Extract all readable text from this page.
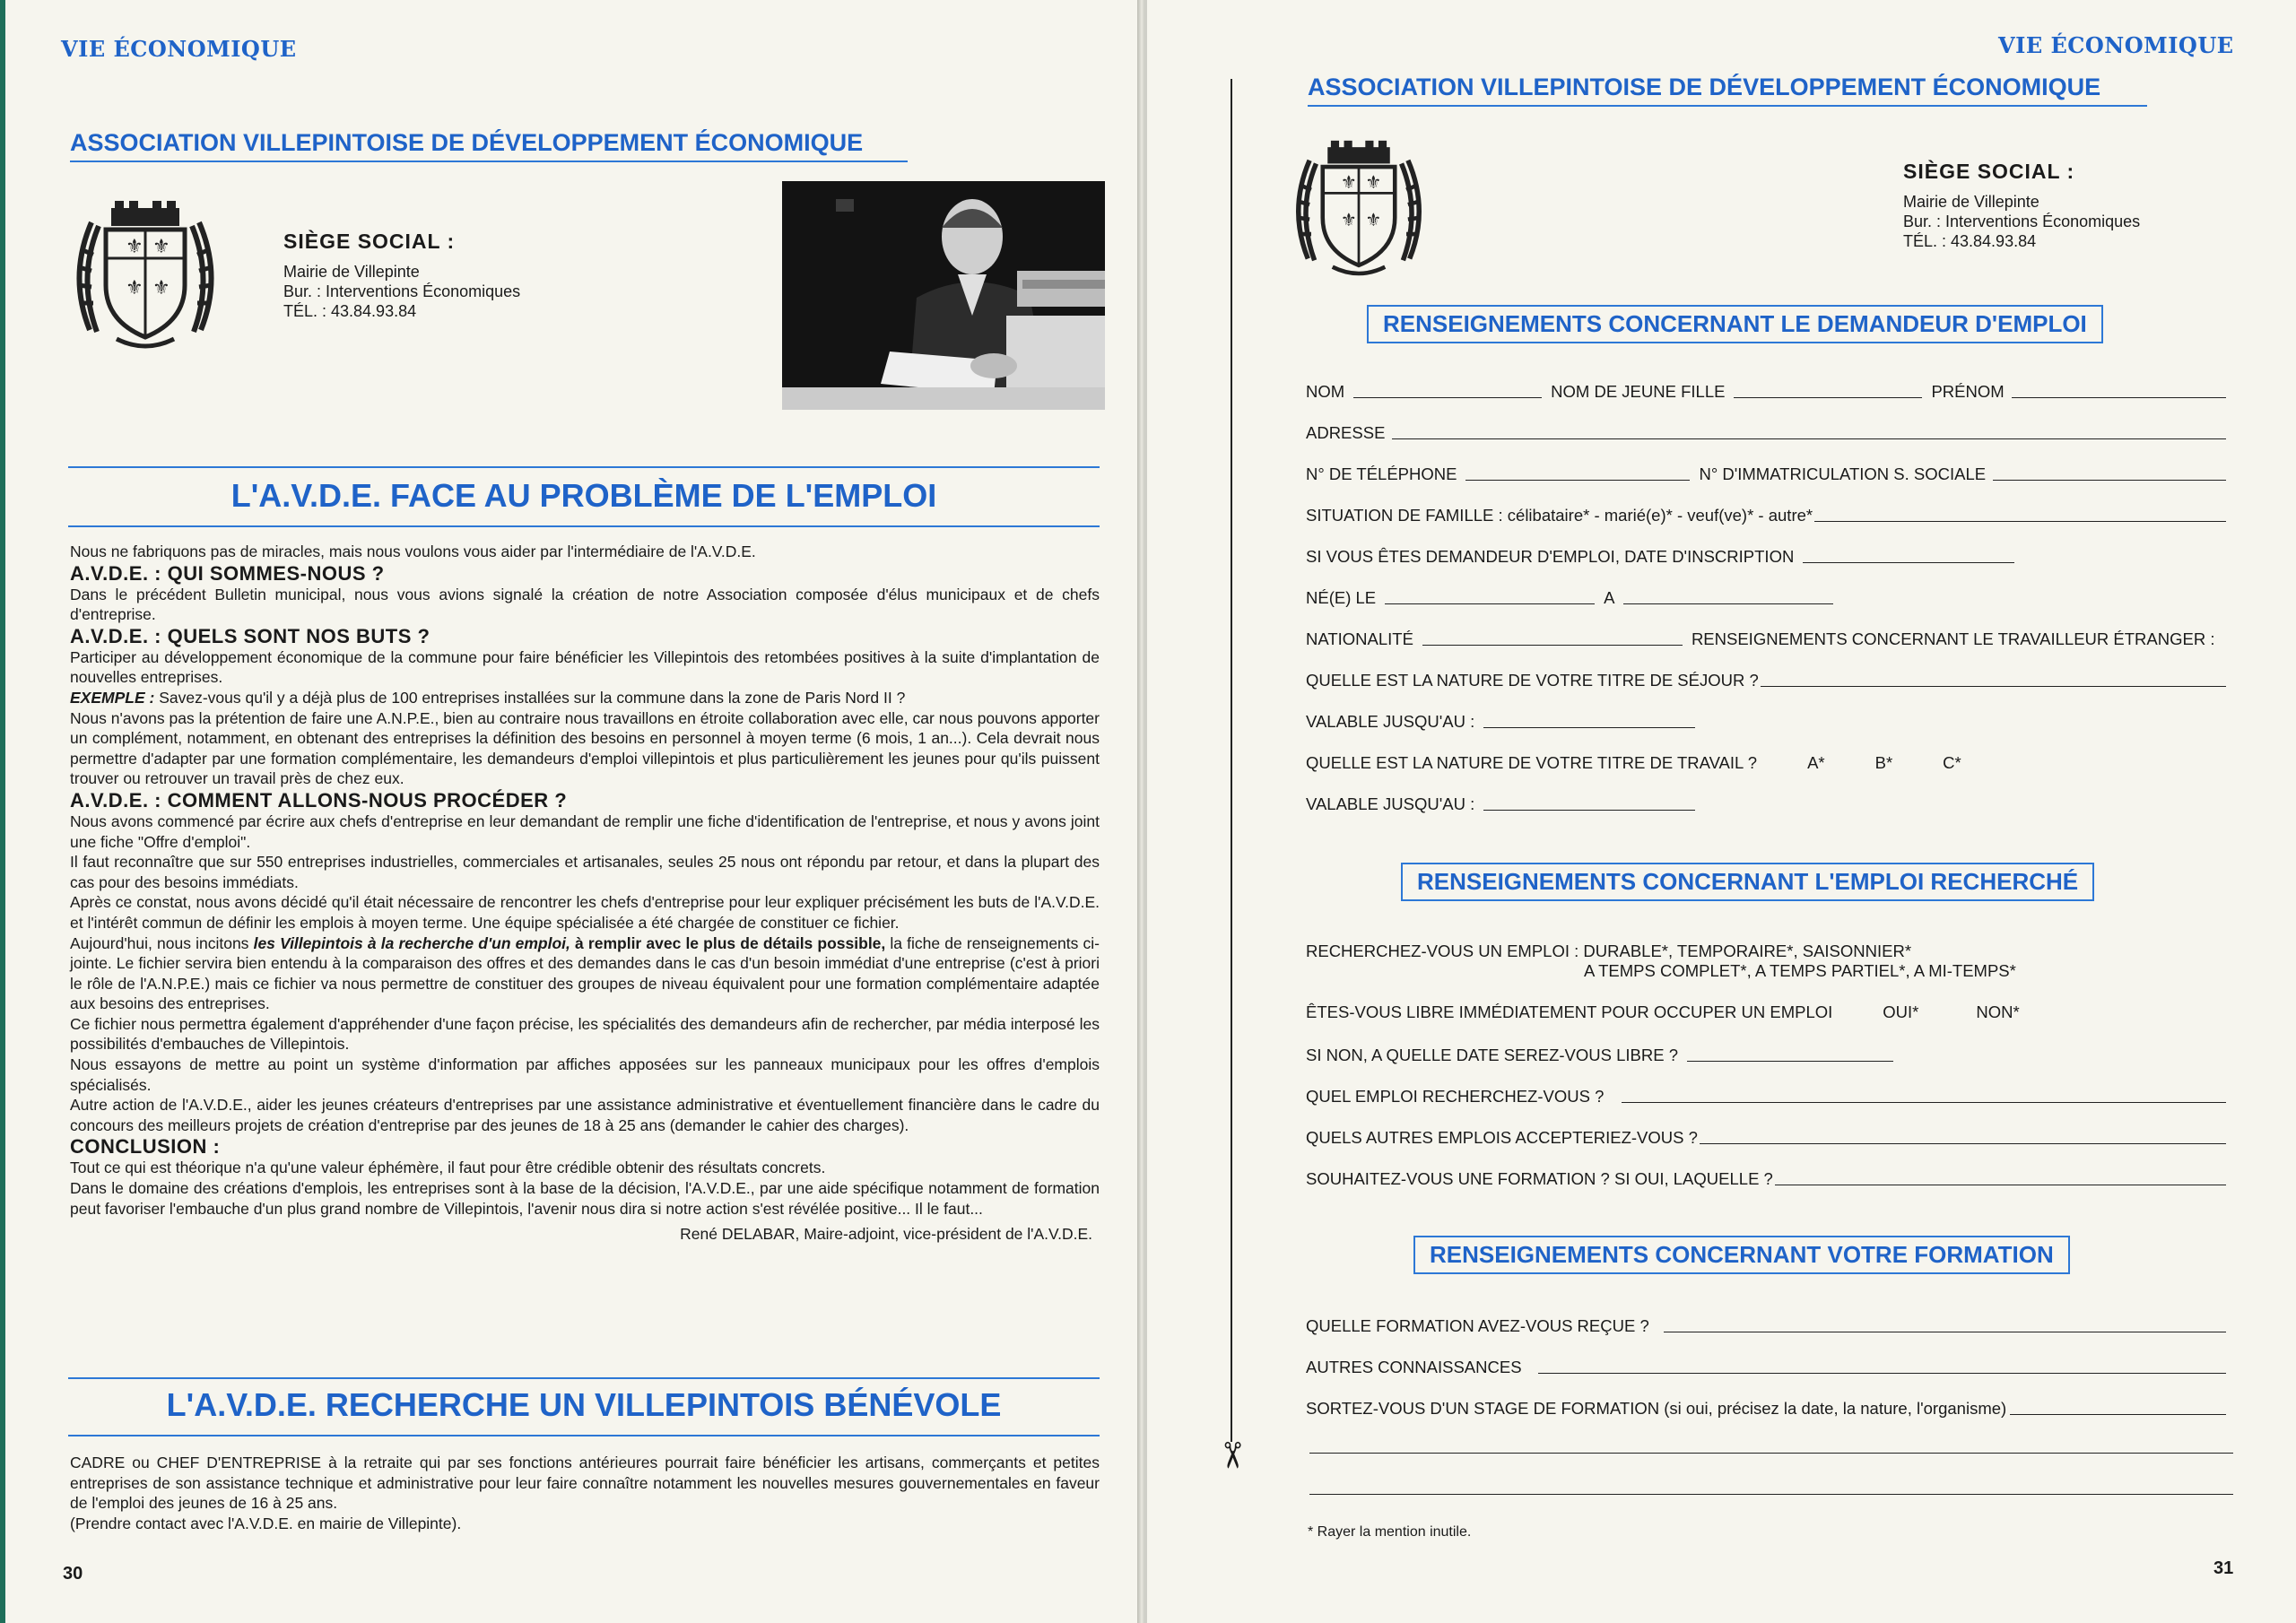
VIE ÉCONOMIQUE
ASSOCIATION VILLEPINTOISE DE DÉVELOPPEMENT ÉCONOMIQUE
⚜ ⚜
⚜ ⚜
SIÈGE SOCIAL :
Mairie de Villepinte
Bur. : Interventions Économiques
TÉL. : 43.84.93.84
L'A.V.D.E. FACE AU PROBLÈME DE L'EMPLOI
Nous ne fabriquons pas de miracles, mais nous voulons vous aider par l'intermédiaire de l'A.V.D.E.
A.V.D.E. : QUI SOMMES-NOUS ?
Dans le précédent Bulletin municipal, nous vous avions signalé la création de notre Association composée d'élus municipaux et de chefs d'entreprise.
A.V.D.E. : QUELS SONT NOS BUTS ?
Participer au développement économique de la commune pour faire bénéficier les Villepintois des retombées positives à la suite d'implantation de nouvelles entreprises.
EXEMPLE : Savez-vous qu'il y a déjà plus de 100 entreprises installées sur la commune dans la zone de Paris Nord II ?
Nous n'avons pas la prétention de faire une A.N.P.E., bien au contraire nous travaillons en étroite collaboration avec elle, car nous pouvons apporter un complément, notamment, en obtenant des entreprises la définition des besoins en personnel à moyen terme (6 mois, 1 an...). Cela devrait nous permettre d'adapter par une formation complémentaire, les demandeurs d'emploi villepintois et plus particulièrement les jeunes pour qu'ils puissent trouver ou retrouver un travail près de chez eux.
A.V.D.E. : COMMENT ALLONS-NOUS PROCÉDER ?
Nous avons commencé par écrire aux chefs d'entreprise en leur demandant de remplir une fiche d'identification de l'entreprise, et nous y avons joint une fiche "Offre d'emploi".
Il faut reconnaître que sur 550 entreprises industrielles, commerciales et artisanales, seules 25 nous ont répondu par retour, et dans la plupart des cas pour des besoins immédiats.
Après ce constat, nous avons décidé qu'il était nécessaire de rencontrer les chefs d'entreprise pour leur expliquer précisément les buts de l'A.V.D.E. et l'intérêt commun de définir les emplois à moyen terme. Une équipe spécialisée a été chargée de constituer ce fichier.
Aujourd'hui, nous incitons les Villepintois à la recherche d'un emploi, à remplir avec le plus de détails possible, la fiche de renseignements ci-jointe. Le fichier servira bien entendu à la comparaison des offres et des demandes dans le cas d'un besoin immédiat d'une entreprise (c'est à priori le rôle de l'A.N.P.E.) mais ce fichier va nous permettre de constituer des groupes de niveau équivalent pour une formation complémentaire adaptée aux besoins des entreprises.
Ce fichier nous permettra également d'appréhender d'une façon précise, les spécialités des demandeurs afin de rechercher, par média interposé les possibilités d'embauches de Villepintois.
Nous essayons de mettre au point un système d'information par affiches apposées sur les panneaux municipaux pour les offres d'emplois spécialisés.
Autre action de l'A.V.D.E., aider les jeunes créateurs d'entreprises par une assistance administrative et éventuellement financière dans le cadre du concours des meilleurs projets de création d'entreprise par des jeunes de 18 à 25 ans (demander le cahier des charges).
CONCLUSION :
Tout ce qui est théorique n'a qu'une valeur éphémère, il faut pour être crédible obtenir des résultats concrets.
Dans le domaine des créations d'emplois, les entreprises sont à la base de la décision, l'A.V.D.E., par une aide spécifique notamment de formation peut favoriser l'embauche d'un plus grand nombre de Villepintois, l'avenir nous dira si notre action s'est révélée positive... Il le faut...
René DELABAR, Maire-adjoint, vice-président de l'A.V.D.E.
L'A.V.D.E. RECHERCHE UN VILLEPINTOIS BÉNÉVOLE
CADRE ou CHEF D'ENTREPRISE à la retraite qui par ses fonctions antérieures pourrait faire bénéficier les artisans, commerçants et petites entreprises de son assistance technique et administrative pour leur faire connaître notamment les nouvelles mesures gouvernementales en faveur de l'emploi des jeunes de 16 à 25 ans.
(Prendre contact avec l'A.V.D.E. en mairie de Villepinte).
30
VIE ÉCONOMIQUE
ASSOCIATION VILLEPINTOISE DE DÉVELOPPEMENT ÉCONOMIQUE
✂
⚜ ⚜
⚜ ⚜
SIÈGE SOCIAL :
Mairie de Villepinte
Bur. : Interventions Économiques
TÉL. : 43.84.93.84
RENSEIGNEMENTS CONCERNANT LE DEMANDEUR D'EMPLOI
NOM	NOM DE JEUNE FILLE	PRÉNOM
ADRESSE
N° DE TÉLÉPHONE	N° D'IMMATRICULATION S. SOCIALE
SITUATION DE FAMILLE : célibataire* - marié(e)* - veuf(ve)* - autre*
SI VOUS ÊTES DEMANDEUR D'EMPLOI, DATE D'INSCRIPTION
NÉ(E) LE	A
NATIONALITÉ	RENSEIGNEMENTS CONCERNANT LE TRAVAILLEUR ÉTRANGER :
QUELLE EST LA NATURE DE VOTRE TITRE DE SÉJOUR ?
VALABLE JUSQU'AU :
QUELLE EST LA NATURE DE VOTRE TITRE DE TRAVAIL ?	A*	B*	C*
VALABLE JUSQU'AU :
RENSEIGNEMENTS CONCERNANT L'EMPLOI RECHERCHÉ
RECHERCHEZ-VOUS UN EMPLOI : DURABLE*, TEMPORAIRE*, SAISONNIER*
A TEMPS COMPLET*, A TEMPS PARTIEL*, A MI-TEMPS*
ÊTES-VOUS LIBRE IMMÉDIATEMENT POUR OCCUPER UN EMPLOI	OUI*	NON*
SI NON, A QUELLE DATE SEREZ-VOUS LIBRE ?
QUEL EMPLOI RECHERCHEZ-VOUS ?
QUELS AUTRES EMPLOIS ACCEPTERIEZ-VOUS ?
SOUHAITEZ-VOUS UNE FORMATION ? SI OUI, LAQUELLE ?
RENSEIGNEMENTS CONCERNANT VOTRE FORMATION
QUELLE FORMATION AVEZ-VOUS REÇUE ?
AUTRES CONNAISSANCES
SORTEZ-VOUS D'UN STAGE DE FORMATION (si oui, précisez la date, la nature, l'organisme)
* Rayer la mention inutile.
31
